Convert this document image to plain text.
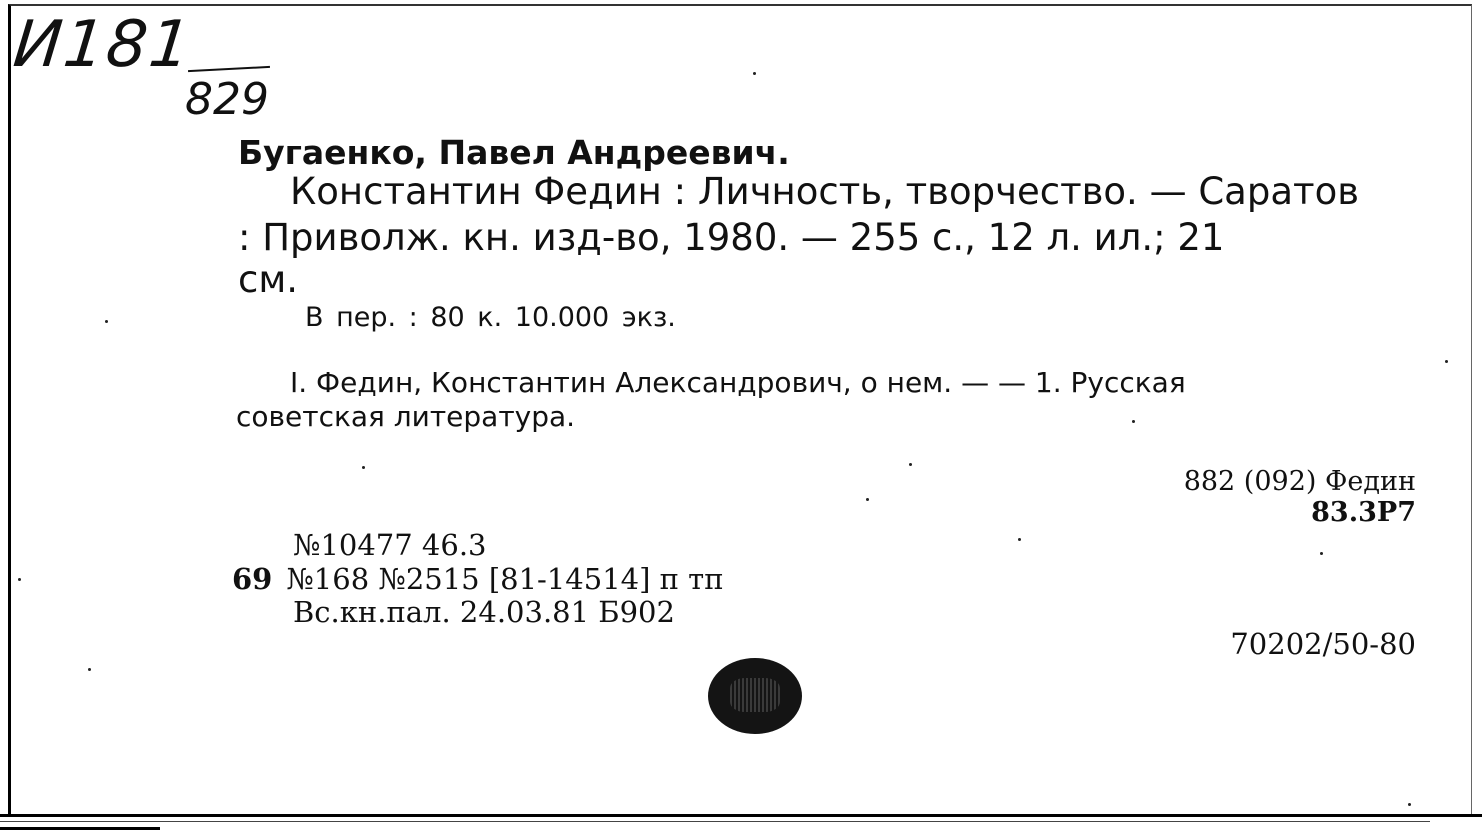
И181
829
Бугаенко, Павел Андреевич.
Константин Федин : Личность, творчество. — Саратов
: Приволж. кн. изд-во, 1980. — 255 с., 12 л. ил.; 21
см.
В пер. : 80 к. 10.000 экз.
I. Федин, Константин Александрович, о нем. — — 1. Русская
советская литература.
882 (092) Федин
83.3Р7
№10477 46.3
69 №168 №2515 [81-14514] п тп
Вс.кн.пал. 24.03.81 Б902
70202/50-80
